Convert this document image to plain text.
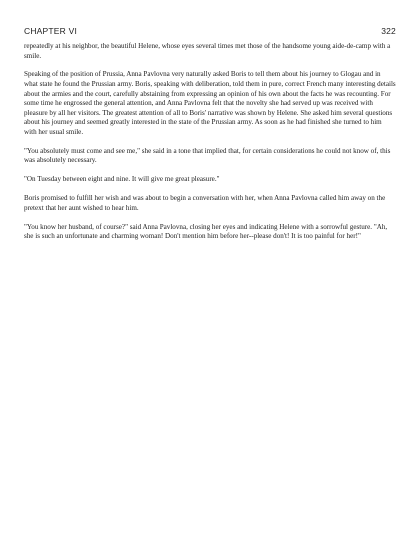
CHAPTER VI	322

repeatedly at his neighbor, the beautiful Helene, whose eyes several times met those of the handsome young aide-de-camp with a smile.

Speaking of the position of Prussia, Anna Pavlovna very naturally asked Boris to tell them about his journey to Glogau and in what state he found the Prussian army. Boris, speaking with deliberation, told them in pure, correct French many interesting details about the armies and the court, carefully abstaining from expressing an opinion of his own about the facts he was recounting. For some time he engrossed the general attention, and Anna Pavlovna felt that the novelty she had served up was received with pleasure by all her visitors. The greatest attention of all to Boris' narrative was shown by Helene. She asked him several questions about his journey and seemed greatly interested in the state of the Prussian army. As soon as he had finished she turned to him with her usual smile.

"You absolutely must come and see me," she said in a tone that implied that, for certain considerations he could not know of, this was absolutely necessary.

"On Tuesday between eight and nine. It will give me great pleasure."

Boris promised to fulfill her wish and was about to begin a conversation with her, when Anna Pavlovna called him away on the pretext that her aunt wished to hear him.

"You know her husband, of course?" said Anna Pavlovna, closing her eyes and indicating Helene with a sorrowful gesture. "Ah, she is such an unfortunate and charming woman! Don't mention him before her--please don't! It is too painful for her!"
